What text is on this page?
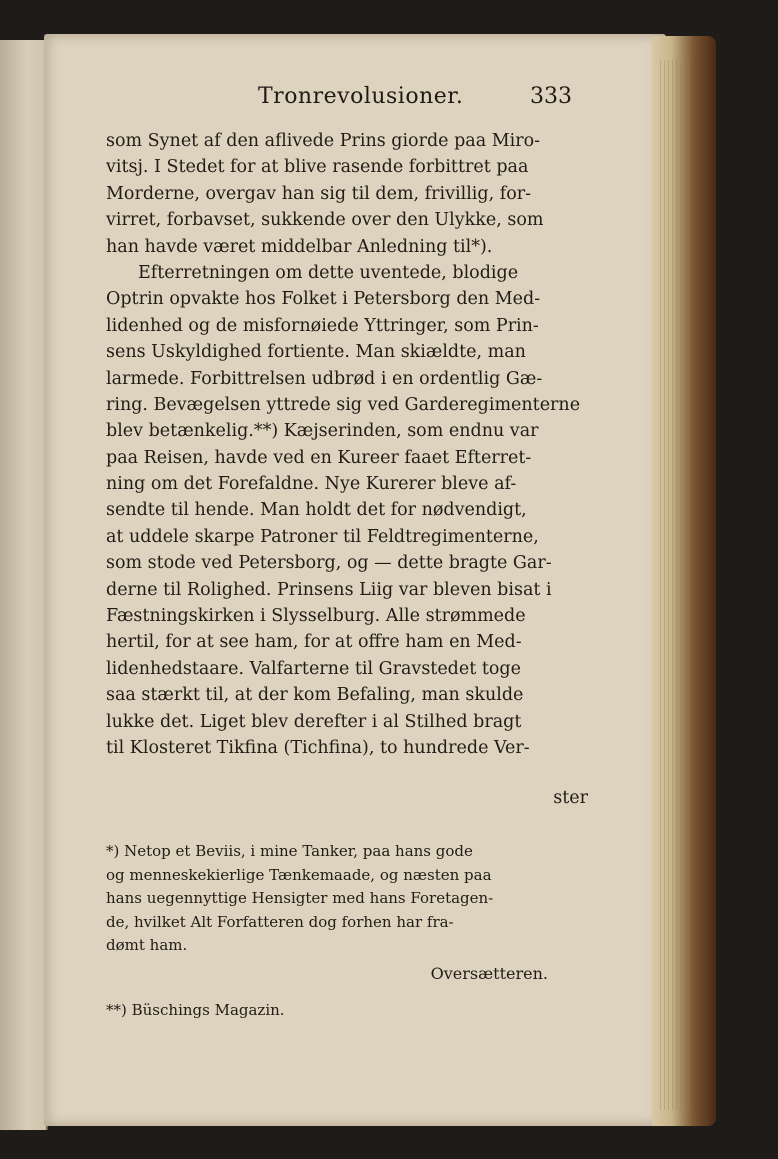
Tronrevolusioner.	333
som Synet af den aflivede Prins giorde paa Miro-
vitsj. I Stedet for at blive rasende forbittret paa
Morderne, overgav han sig til dem, frivillig, for-
virret, forbavset, sukkende over den Ulykke, som
han havde været middelbar Anledning til*).
Efterretningen om dette uventede, blodige
Optrin opvakte hos Folket i Petersborg den Med-
lidenhed og de misfornøiede Yttringer, som Prin-
sens Uskyldighed fortiente. Man skiældte, man
larmede. Forbittrelsen udbrød i en ordentlig Gæ-
ring. Bevægelsen yttrede sig ved Garderegimenterne
blev betænkelig.**) Kæjserinden, som endnu var
paa Reisen, havde ved en Kureer faaet Efterret-
ning om det Forefaldne. Nye Kurerer bleve af-
sendte til hende. Man holdt det for nødvendigt,
at uddele skarpe Patroner til Feldtregimenterne,
som stode ved Petersborg, og — dette bragte Gar-
derne til Rolighed. Prinsens Liig var bleven bisat i
Fæstningskirken i Slysselburg. Alle strømmede
hertil, for at see ham, for at offre ham en Med-
lidenhedstaare. Valfarterne til Gravstedet toge
saa stærkt til, at der kom Befaling, man skulde
lukke det. Liget blev derefter i al Stilhed bragt
til Klosteret Tikfina (Tichfina), to hundrede Ver-
ster
*) Netop et Beviis, i mine Tanker, paa hans gode
og menneskekierlige Tænkemaade, og næsten paa
hans uegennyttige Hensigter med hans Foretagen-
de, hvilket Alt Forfatteren dog forhen har fra-
dømt ham.
Oversætteren.
**) Büschings Magazin.
